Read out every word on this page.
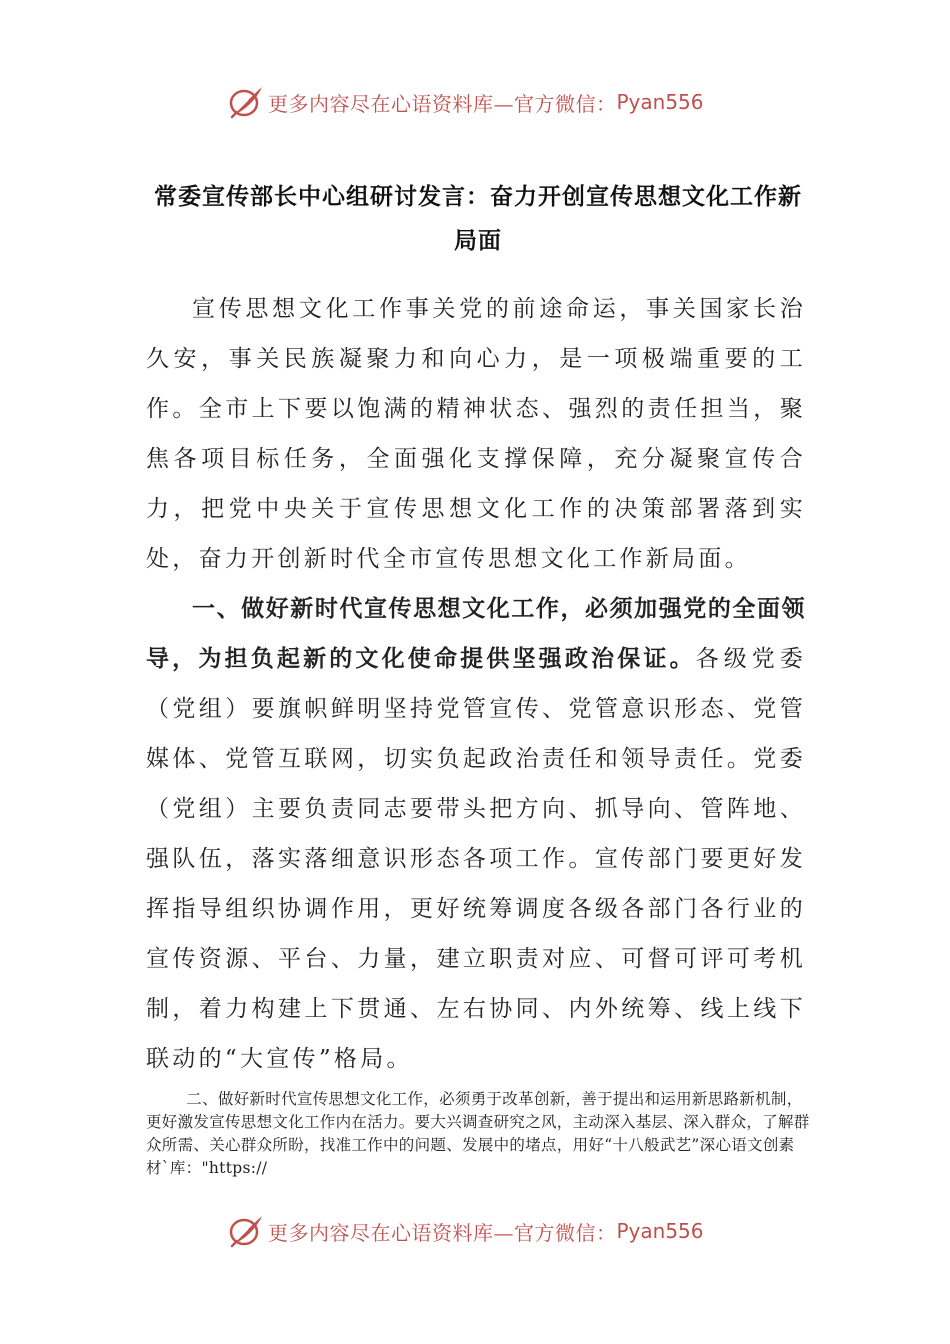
更多内容尽在心语资料库—官方微信： Pyan556
常委宣传部长中心组研讨发言：奋力开创宣传思想文化工作新局面

宣传思想文化工作事关党的前途命运，事关国家长治久安，事关民族凝聚力和向心力，是一项极端重要的工作。全市上下要以饱满的精神状态、强烈的责任担当，聚焦各项目标任务，全面强化支撑保障，充分凝聚宣传合力，把党中央关于宣传思想文化工作的决策部署落到实处，奋力开创新时代全市宣传思想文化工作新局面。

一、做好新时代宣传思想文化工作，必须加强党的全面领导，为担负起新的文化使命提供坚强政治保证。各级党委（党组）要旗帜鲜明坚持党管宣传、党管意识形态、党管媒体、党管互联网，切实负起政治责任和领导责任。党委（党组）主要负责同志要带头把方向、抓导向、管阵地、强队伍，落实落细意识形态各项工作。宣传部门要更好发挥指导组织协调作用，更好统筹调度各级各部门各行业的宣传资源、平台、力量，建立职责对应、可督可评可考机制，着力构建上下贯通、左右协同、内外统筹、线上线下联动的“大宣传”格局。

二、做好新时代宣传思想文化工作，必须勇于改革创新，善于提出和运用新思路新机制，更好激发宣传思想文化工作内在活力。要大兴调查研究之风，主动深入基层、深入群众，了解群众所需、关心群众所盼，找准工作中的问题、发展中的堵点，用好“十八般武艺”深心语文创素材`库："https://

更多内容尽在心语资料库—官方微信： Pyan556
